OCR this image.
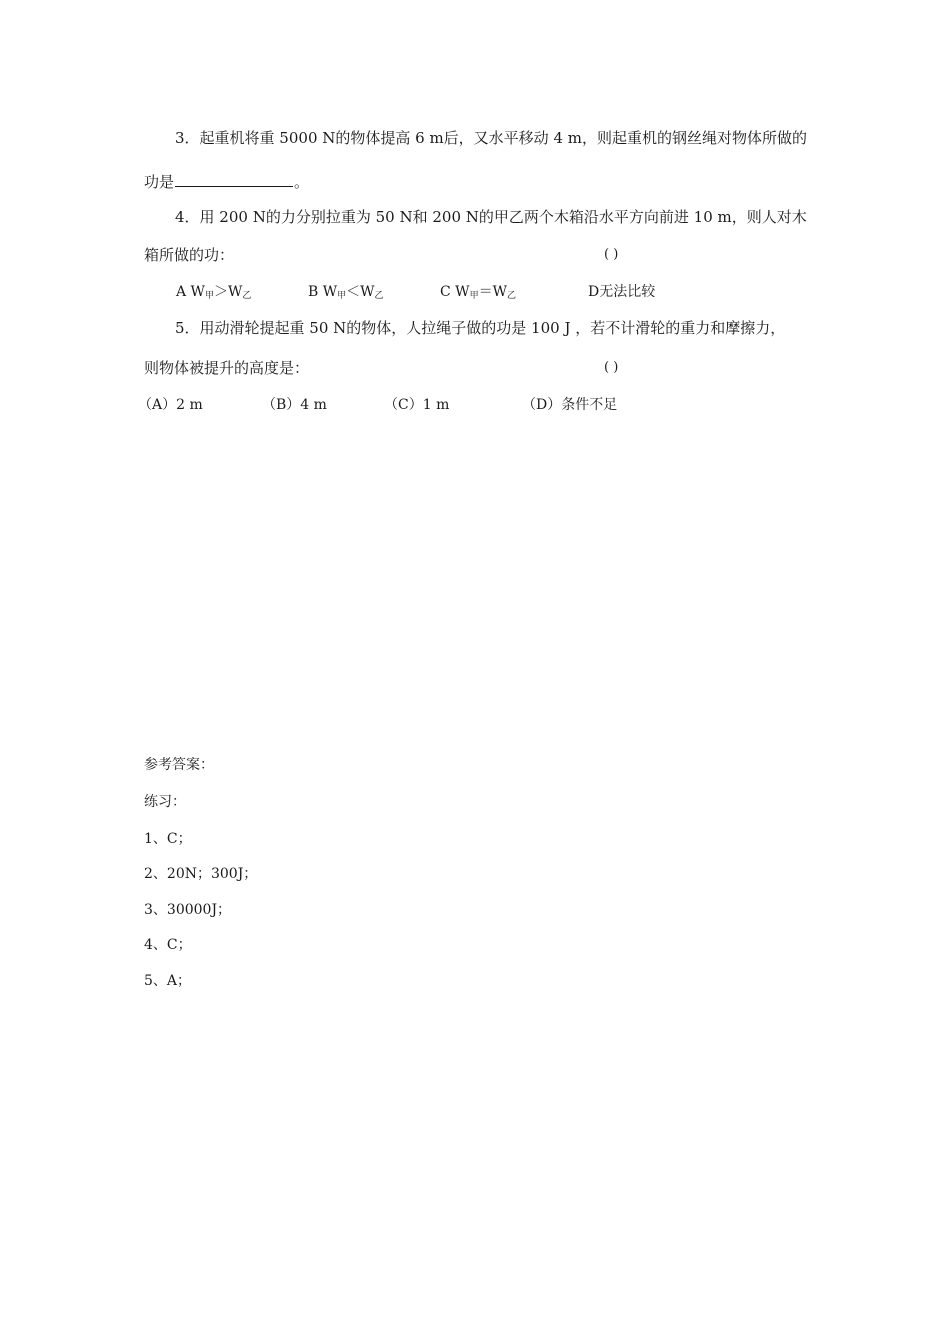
3．起重机将重 5000 N的物体提高 6 m后，又水平移动 4 m，则起重机的钢丝绳对物体所做的
功是	。
4．用 200 N的力分别拉重为 50 N和 200 N的甲乙两个木箱沿水平方向前进 10 m，则人对木
箱所做的功：	( )
A $W_甲>W_乙$	B $W_甲<W_乙$	C $W_甲=W_乙$	D无法比较
5．用动滑轮提起重 50 N的物体，人拉绳子做的功是 100 J ，若不计滑轮的重力和摩擦力，
则物体被提升的高度是：	( )
（A）2 m	（B）4 m	（C）1 m	（D）条件不足
参考答案：
练习：
1、C；
2、20N；300J；
3、30000J；
4、C；
5、A；
